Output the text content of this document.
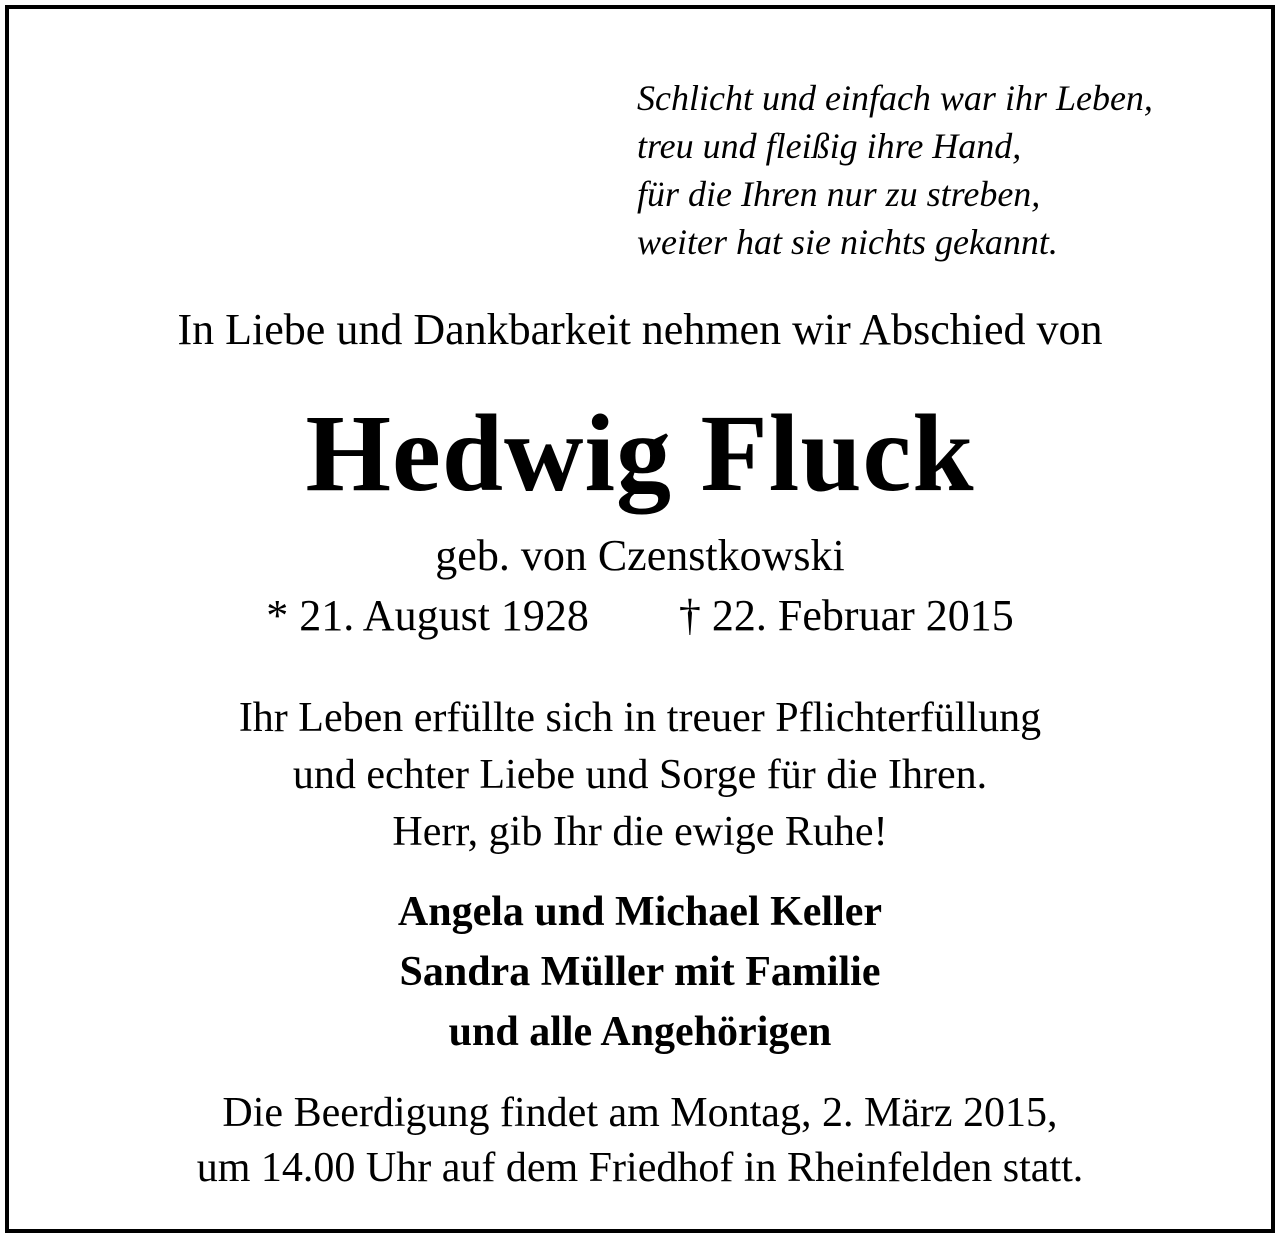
Schlicht und einfach war ihr Leben,
treu und fleißig ihre Hand,
für die Ihren nur zu streben,
weiter hat sie nichts gekannt.
In Liebe und Dankbarkeit nehmen wir Abschied von
Hedwig Fluck
geb. von Czenstkowski
* 21. August 1928 † 22. Februar 2015
Ihr Leben erfüllte sich in treuer Pflichterfüllung
und echter Liebe und Sorge für die Ihren.
Herr, gib Ihr die ewige Ruhe!
Angela und Michael Keller
Sandra Müller mit Familie
und alle Angehörigen
Die Beerdigung findet am Montag, 2. März 2015,
um 14.00 Uhr auf dem Friedhof in Rheinfelden statt.
